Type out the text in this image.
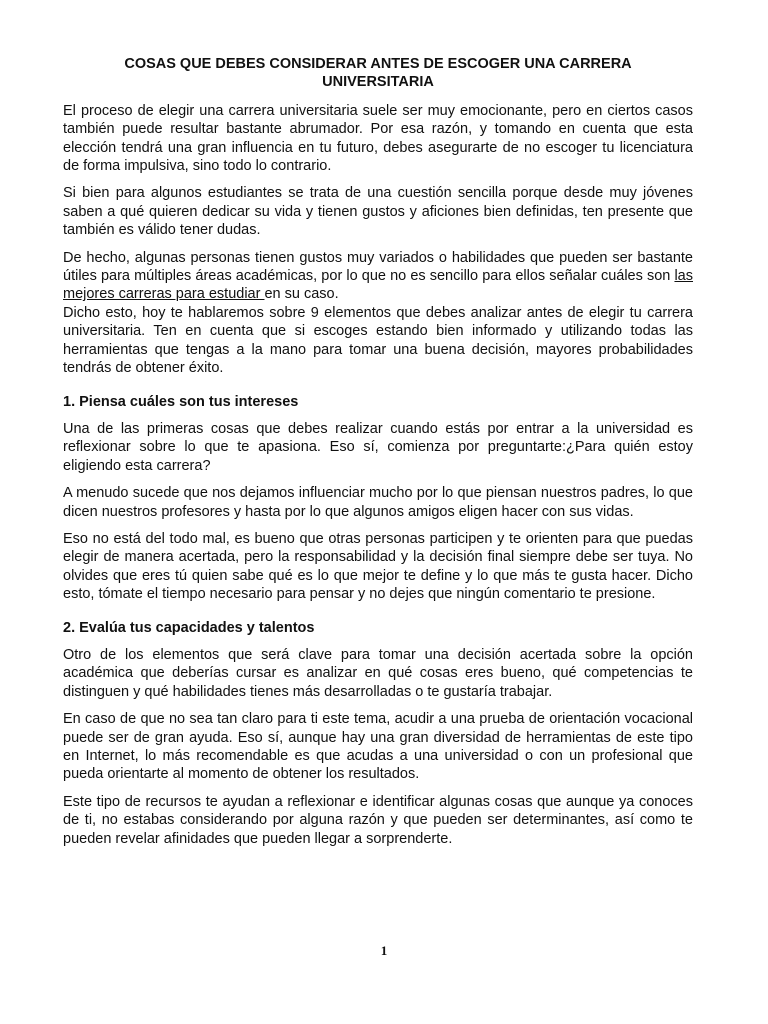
COSAS QUE DEBES CONSIDERAR ANTES DE ESCOGER UNA CARRERA
UNIVERSITARIA

El proceso de elegir una carrera universitaria suele ser muy emocionante, pero en ciertos casos también puede resultar bastante abrumador. Por esa razón, y tomando en cuenta que esta elección tendrá una gran influencia en tu futuro, debes asegurarte de no escoger tu licenciatura de forma impulsiva, sino todo lo contrario.

Si bien para algunos estudiantes se trata de una cuestión sencilla porque desde muy jóvenes saben a qué quieren dedicar su vida y tienen gustos y aficiones bien definidas, ten presente que también es válido tener dudas.

De hecho, algunas personas tienen gustos muy variados o habilidades que pueden ser bastante útiles para múltiples áreas académicas, por lo que no es sencillo para ellos señalar cuáles son las mejores carreras para estudiar en su caso.

Dicho esto, hoy te hablaremos sobre 9 elementos que debes analizar antes de elegir tu carrera universitaria. Ten en cuenta que si escoges estando bien informado y utilizando todas las herramientas que tengas a la mano para tomar una buena decisión, mayores probabilidades tendrás de obtener éxito.

1. Piensa cuáles son tus intereses

Una de las primeras cosas que debes realizar cuando estás por entrar a la universidad es reflexionar sobre lo que te apasiona. Eso sí, comienza por preguntarte:¿Para quién estoy eligiendo esta carrera?

A menudo sucede que nos dejamos influenciar mucho por lo que piensan nuestros padres, lo que dicen nuestros profesores y hasta por lo que algunos amigos eligen hacer con sus vidas.

Eso no está del todo mal, es bueno que otras personas participen y te orienten para que puedas elegir de manera acertada, pero la responsabilidad y la decisión final siempre debe ser tuya. No olvides que eres tú quien sabe qué es lo que mejor te define y lo que más te gusta hacer. Dicho esto, tómate el tiempo necesario para pensar y no dejes que ningún comentario te presione.

2. Evalúa tus capacidades y talentos

Otro de los elementos que será clave para tomar una decisión acertada sobre la opción académica que deberías cursar es analizar en qué cosas eres bueno, qué competencias te distinguen y qué habilidades tienes más desarrolladas o te gustaría trabajar.

En caso de que no sea tan claro para ti este tema, acudir a una prueba de orientación vocacional puede ser de gran ayuda. Eso sí, aunque hay una gran diversidad de herramientas de este tipo en Internet, lo más recomendable es que acudas a una universidad o con un profesional que pueda orientarte al momento de obtener los resultados.

Este tipo de recursos te ayudan a reflexionar e identificar algunas cosas que aunque ya conoces de ti, no estabas considerando por alguna razón y que pueden ser determinantes, así como te pueden revelar afinidades que pueden llegar a sorprenderte.

1
